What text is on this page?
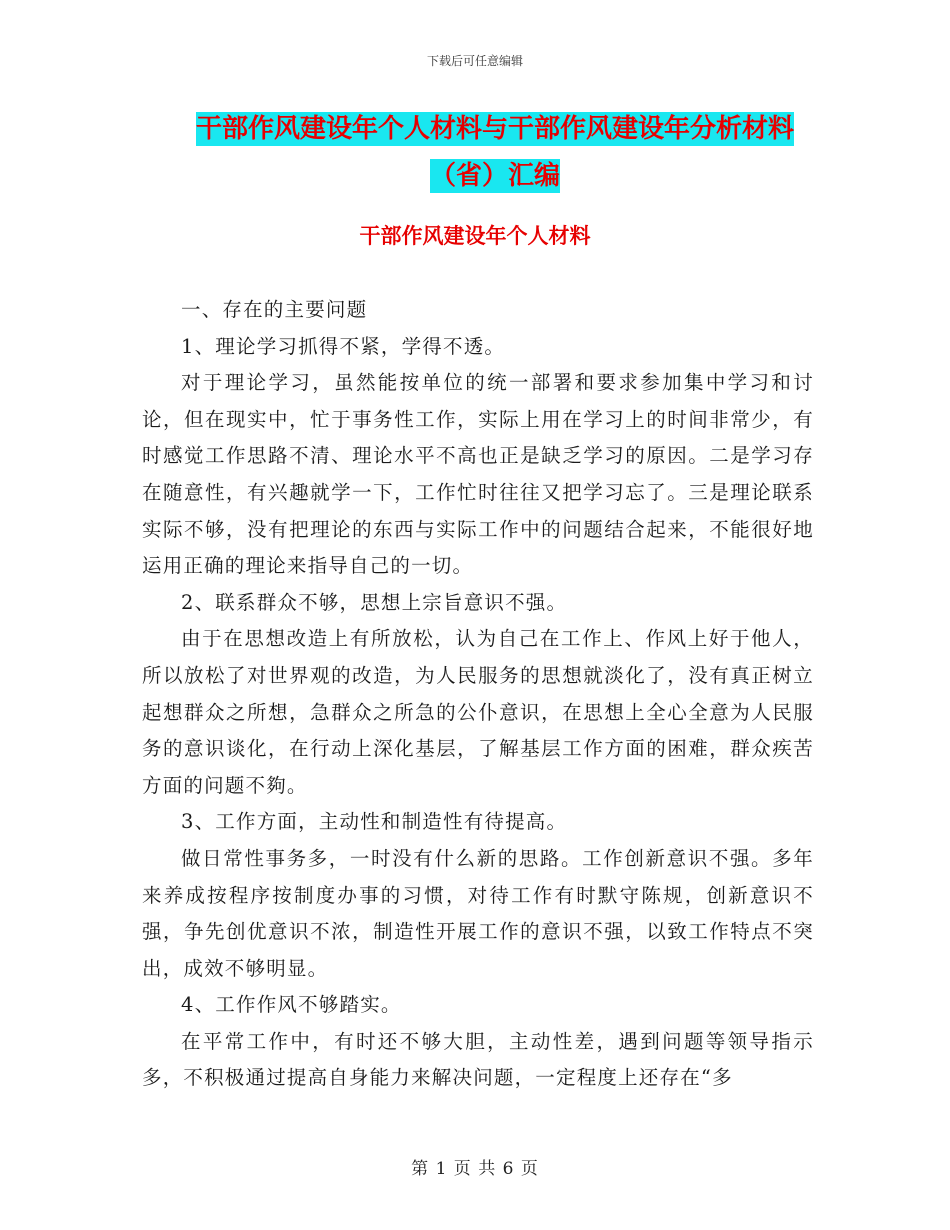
下载后可任意编辑
干部作风建设年个人材料与干部作风建设年分析材料
（省）汇编
干部作风建设年个人材料

一、存在的主要问题

1、理论学习抓得不紧，学得不透。

对于理论学习，虽然能按单位的统一部署和要求参加集中学习和讨论，但在现实中，忙于事务性工作，实际上用在学习上的时间非常少，有时感觉工作思路不清、理论水平不高也正是缺乏学习的原因。二是学习存在随意性，有兴趣就学一下，工作忙时往往又把学习忘了。三是理论联系实际不够，没有把理论的东西与实际工作中的问题结合起来，不能很好地运用正确的理论来指导自己的一切。

2、联系群众不够，思想上宗旨意识不强。

由于在思想改造上有所放松，认为自己在工作上、作风上好于他人，所以放松了对世界观的改造，为人民服务的思想就淡化了，没有真正树立起想群众之所想，急群众之所急的公仆意识，在思想上全心全意为人民服务的意识谈化，在行动上深化基层，了解基层工作方面的困难，群众疾苦方面的问题不夠。

3、工作方面，主动性和制造性有待提高。

做日常性事务多，一时没有什么新的思路。工作创新意识不强。多年来养成按程序按制度办事的习惯，对待工作有时默守陈规，创新意识不强，争先创优意识不浓，制造性开展工作的意识不强，以致工作特点不突出，成效不够明显。

4、工作作风不够踏实。

在平常工作中，有时还不够大胆，主动性差，遇到问题等领导指示多，不积极通过提高自身能力来解决问题，一定程度上还存在“多

第 1 页 共 6 页
